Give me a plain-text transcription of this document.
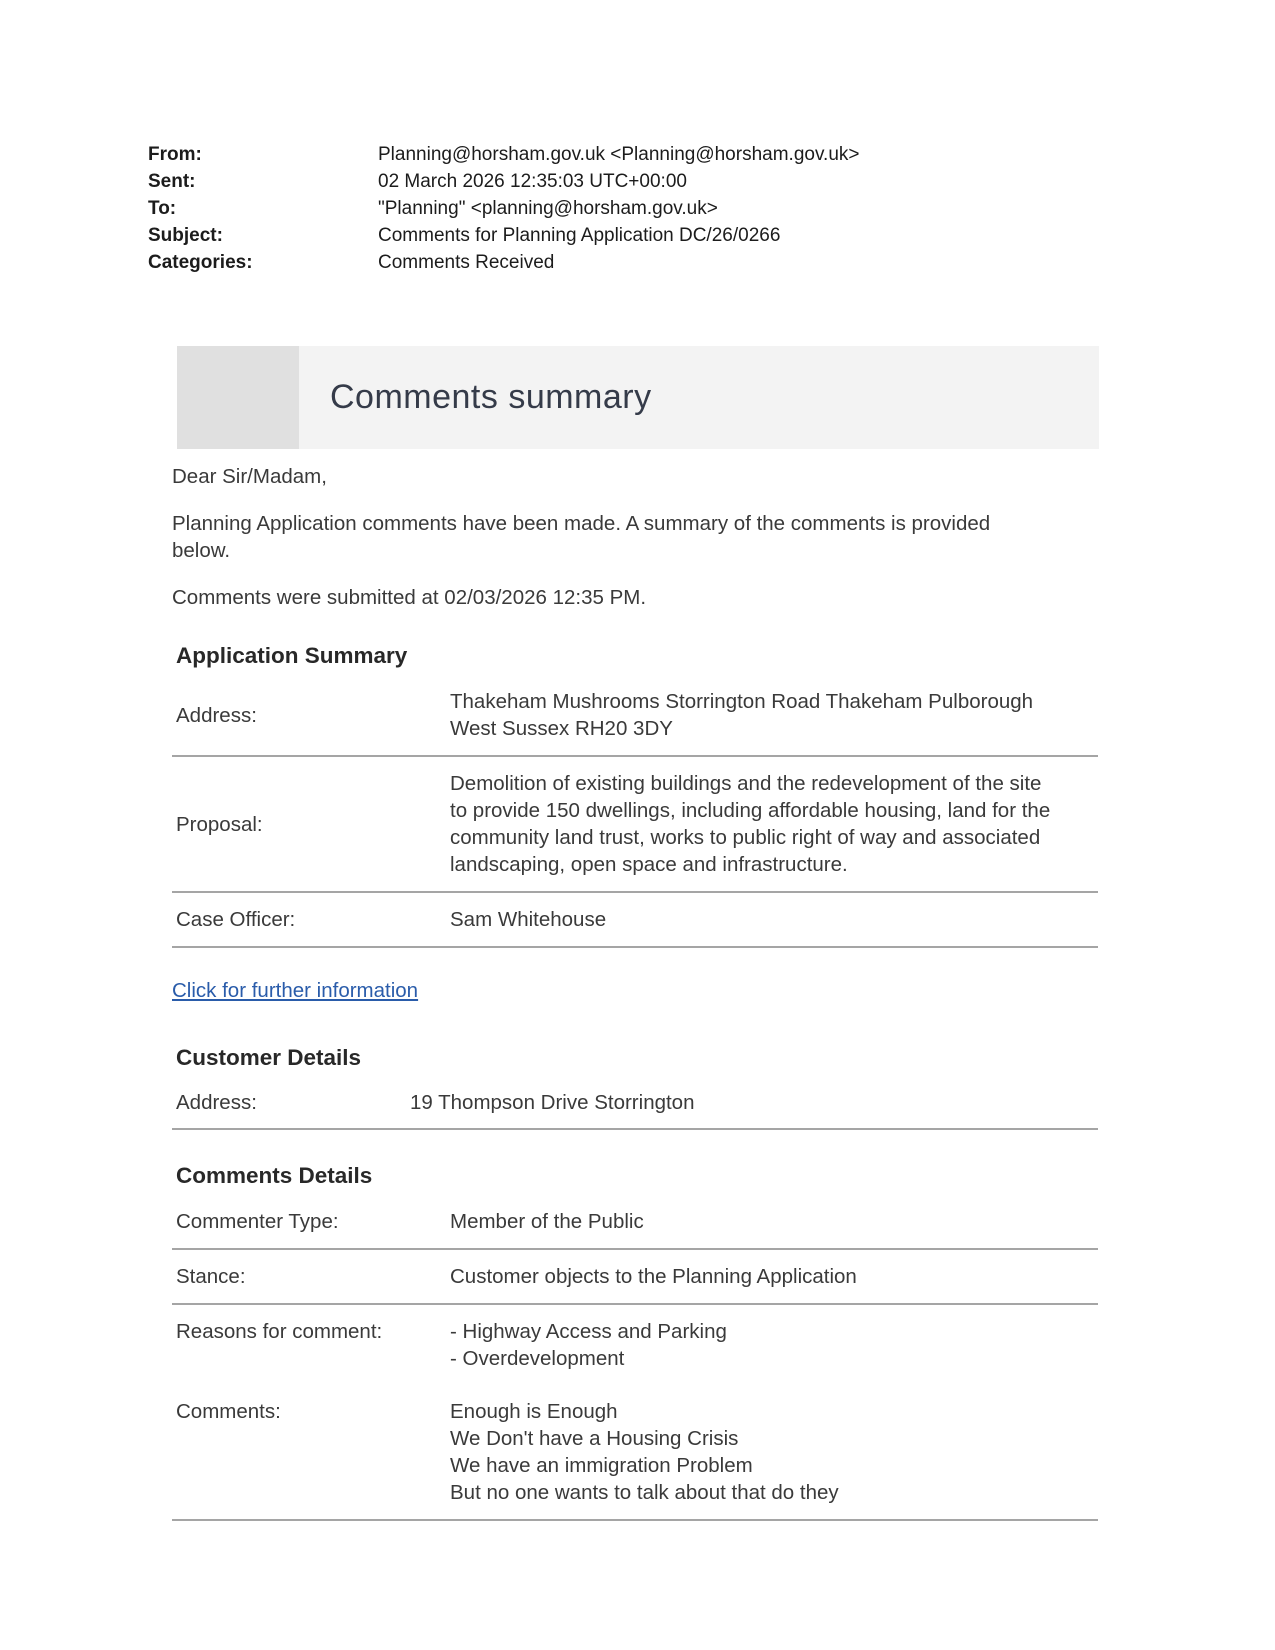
From:	Planning@horsham.gov.uk <Planning@horsham.gov.uk>
Sent:	02 March 2026 12:35:03 UTC+00:00
To:	"Planning" <planning@horsham.gov.uk>
Subject:	Comments for Planning Application DC/26/0266
Categories:	Comments Received
Comments summary

Dear Sir/Madam,

Planning Application comments have been made. A summary of the comments is provided
below.

Comments were submitted at 02/03/2026 12:35 PM.

Application Summary
Address:
Thakeham Mushrooms Storrington Road Thakeham Pulborough
West Sussex RH20 3DY
Proposal:
Demolition of existing buildings and the redevelopment of the site
to provide 150 dwellings, including affordable housing, land for the
community land trust, works to public right of way and associated
landscaping, open space and infrastructure.
Case Officer:	Sam Whitehouse
Click for further information
Customer Details
Address:	19 Thompson Drive Storrington
Comments Details
Commenter Type:	Member of the Public
Stance:	Customer objects to the Planning Application
Reasons for comment:	- Highway Access and Parking
- Overdevelopment
Comments:	Enough is Enough
We Don't have a Housing Crisis
We have an immigration Problem
But no one wants to talk about that do they
